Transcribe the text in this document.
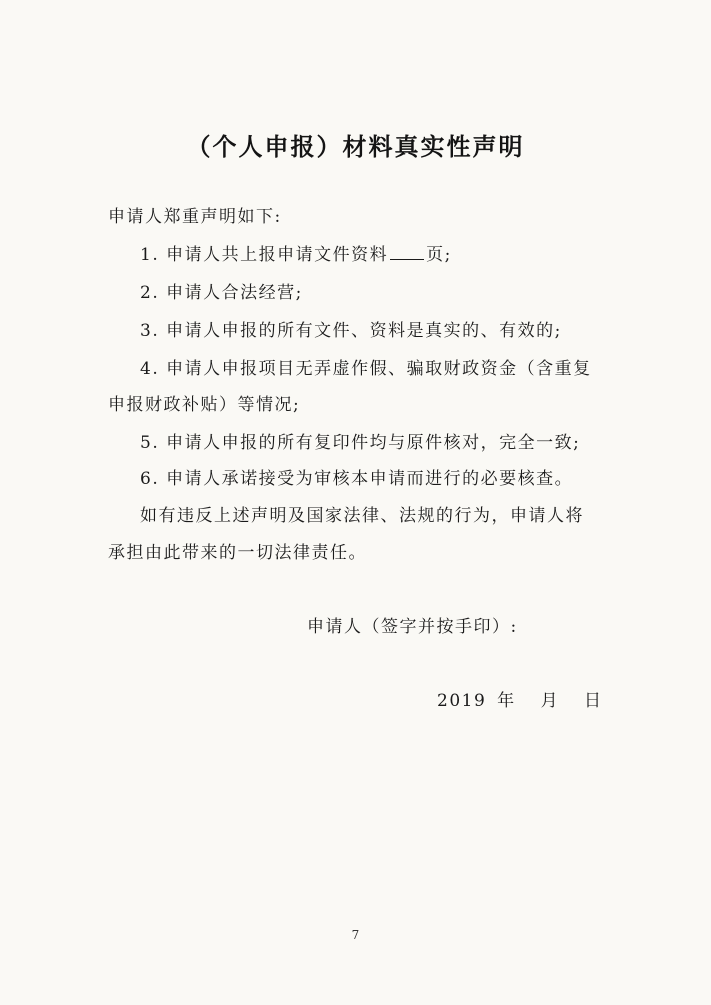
（个人申报）材料真实性声明
申请人郑重声明如下:
1. 申请人共上报申请文件资料 页;
2. 申请人合法经营;
3. 申请人申报的所有文件、资料是真实的、有效的;
4. 申请人申报项目无弄虚作假、骗取财政资金（含重复
申报财政补贴）等情况;
5. 申请人申报的所有复印件均与原件核对，完全一致;
6. 申请人承诺接受为审核本申请而进行的必要核查。
如有违反上述声明及国家法律、法规的行为，申请人将
承担由此带来的一切法律责任。
申请人（签字并按手印）:
2019 年 月 日
7
